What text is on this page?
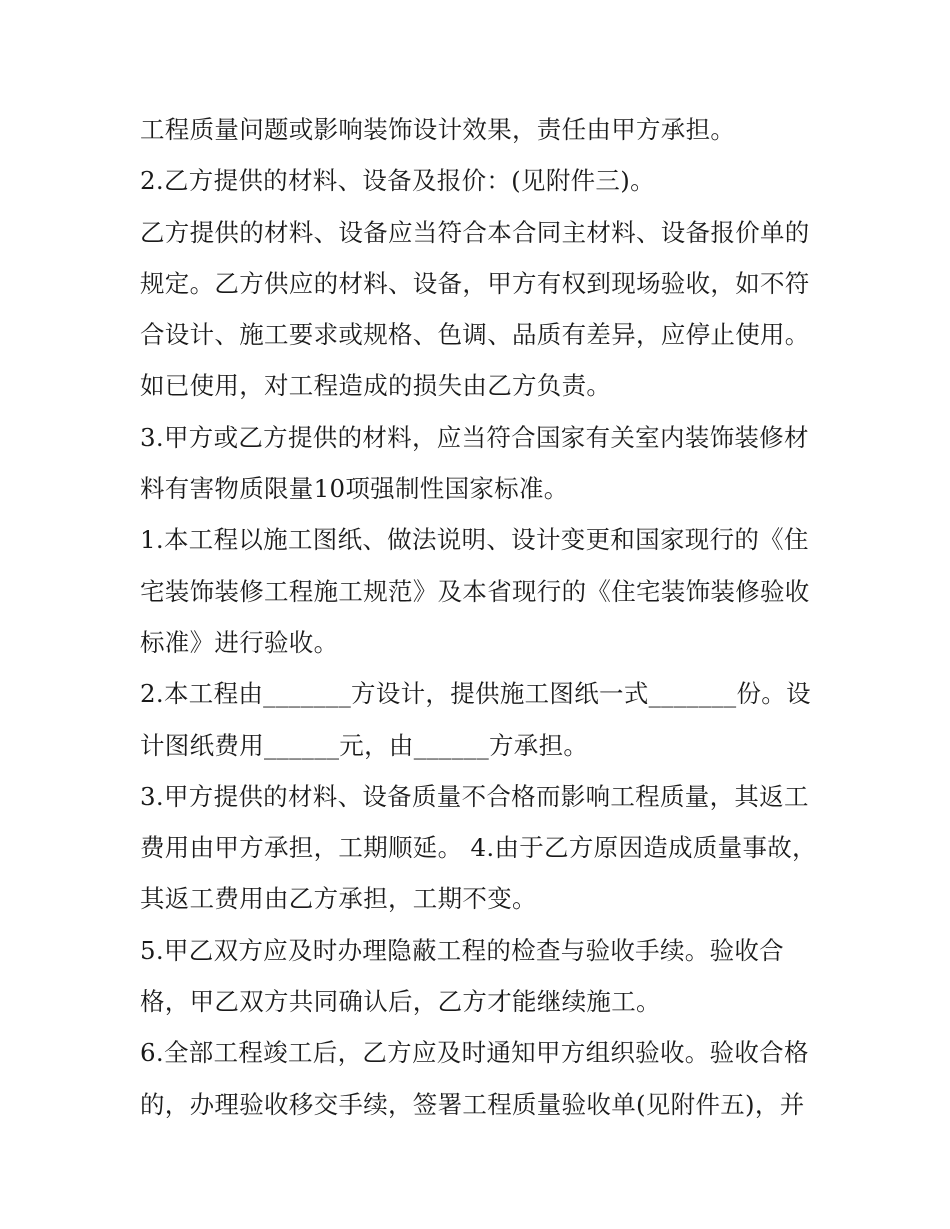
工程质量问题或影响装饰设计效果，责任由甲方承担。
2.乙方提供的材料、设备及报价：(见附件三)。
乙方提供的材料、设备应当符合本合同主材料、设备报价单的
规定。乙方供应的材料、设备，甲方有权到现场验收，如不符
合设计、施工要求或规格、色调、品质有差异，应停止使用。
如已使用，对工程造成的损失由乙方负责。
3.甲方或乙方提供的材料，应当符合国家有关室内装饰装修材
料有害物质限量10项强制性国家标准。
1.本工程以施工图纸、做法说明、设计变更和国家现行的《住
宅装饰装修工程施工规范》及本省现行的《住宅装饰装修验收
标准》进行验收。
2.本工程由_______方设计，提供施工图纸一式_______份。设
计图纸费用______元，由______方承担。
3.甲方提供的材料、设备质量不合格而影响工程质量，其返工
费用由甲方承担，工期顺延。 4.由于乙方原因造成质量事故，
其返工费用由乙方承担，工期不变。
5.甲乙双方应及时办理隐蔽工程的检查与验收手续。验收合
格，甲乙双方共同确认后，乙方才能继续施工。
6.全部工程竣工后，乙方应及时通知甲方组织验收。验收合格
的，办理验收移交手续，签署工程质量验收单(见附件五)，并
